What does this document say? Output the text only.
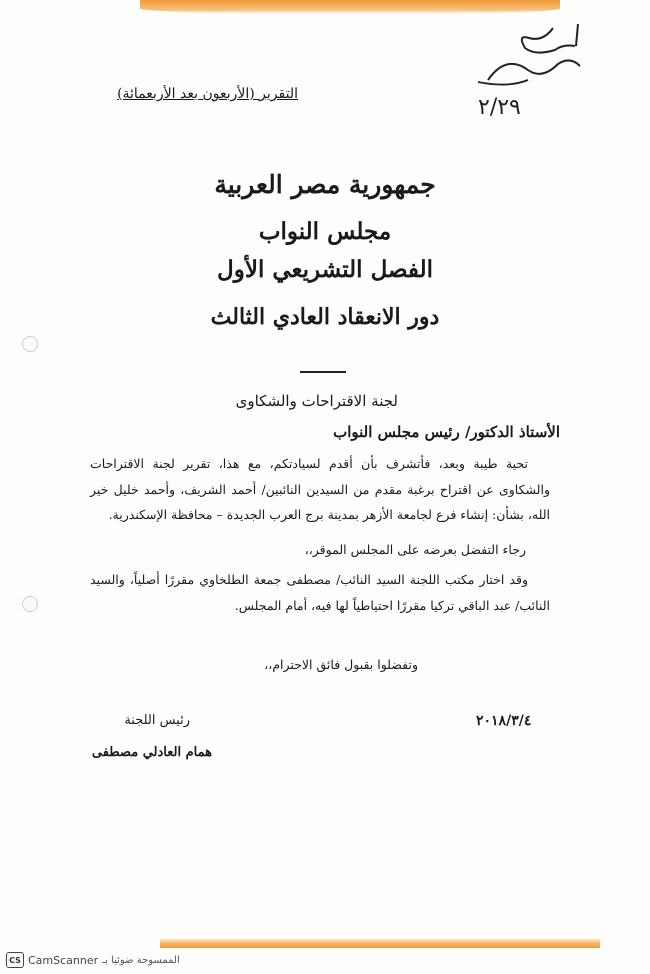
التقرير (الأربعون بعد الأربعمائة)
٢/٢٩
جمهورية مصر العربية
مجلس النواب
الفصل التشريعي الأول
دور الانعقاد العادي الثالث
لجنة الاقتراحات والشكاوى
الأستاذ الدكتور/ رئيس مجلس النواب
تحية طيبة وبعد، فأتشرف بأن أقدم لسيادتكم، مع هذا، تقرير لجنة الاقتراحات والشكاوى عن اقتراح برغبة مقدم من السيدين النائبين/ أحمد الشريف، وأحمد خليل خير الله، بشأن: إنشاء فرع لجامعة الأزهر بمدينة برج العرب الجديدة – محافظة الإسكندرية.
رجاء التفضل بعرضه على المجلس الموقر،،
وقد اختار مكتب اللجنة السيد النائب/ مصطفى جمعة الطلخاوي مقررًا أصلياً، والسيد النائب/ عبد الباقي تركيا مقررًا احتياطياً لها فيه، أمام المجلس.
وتفضلوا بقبول فائق الاحترام،،
رئيس اللجنة
همام العادلي مصطفى
٢٠١٨/٣/٤
CS CamScanner الممسوحة ضوئيا بـ
